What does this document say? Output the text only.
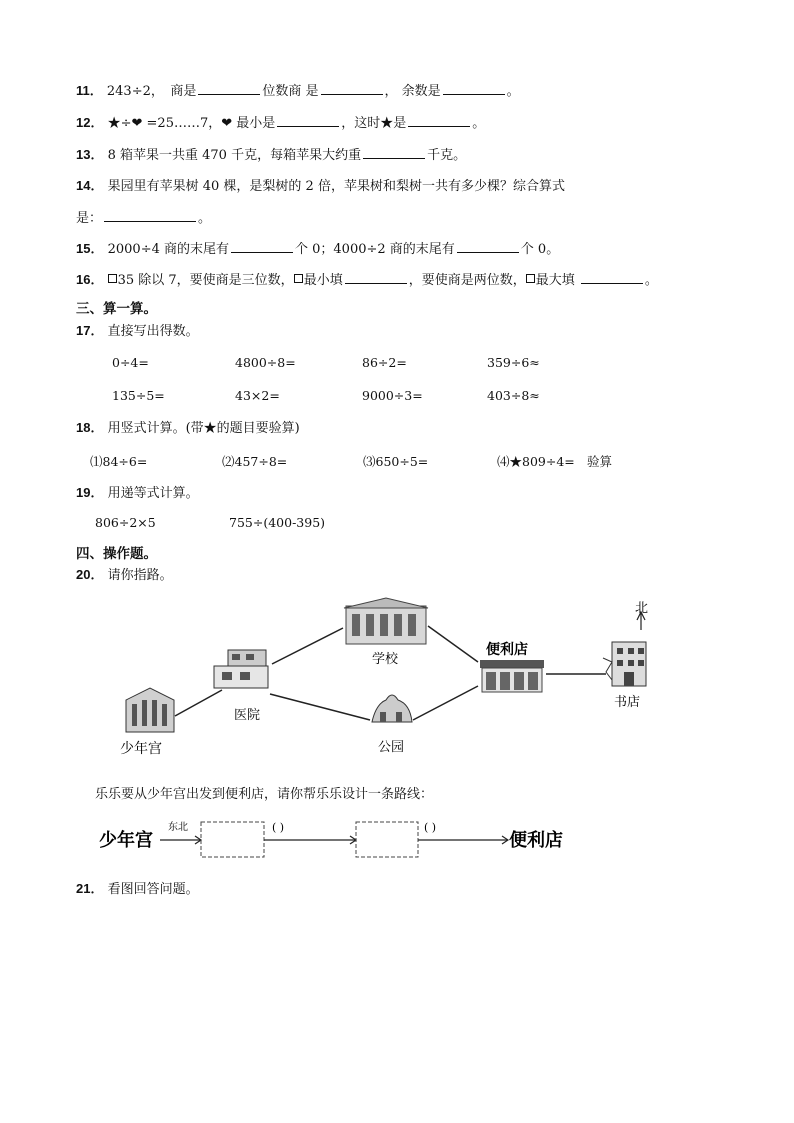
11． 243÷2，　商是	位数商 是	， 余数是	。
12． ★÷❤ =25……7，❤ 最小是	，这时★是	。
13． 8 箱苹果一共重 470 千克，每箱苹果大约重	千克。
14． 果园里有苹果树 40 棵，是梨树的 2 倍，苹果树和梨树一共有多少棵？综合算式
是：	。
15． 2000÷4 商的末尾有	个 0；4000÷2 商的末尾有	个 0。
16． 35 除以 7，要使商是三位数， 最小填	，要使商是两位数， 最大填	。
三、算一算。
17． 直接写出得数。
0÷4=	4800÷8=	86÷2=	359÷6≈
135÷5=	43×2=	9000÷3=	403÷8≈
18． 用竖式计算。(带★的题目要验算)
⑴84÷6=	⑵457÷8=	⑶650÷5=	⑷★809÷4= 验算
19． 用递等式计算。
806÷2×5	755÷(400-395)
四、操作题。
20． 请你指路。
北
学校
便利店
书店
医院
少年宫	公园
少年宫
东北	( )	( )
便利店
乐乐要从少年宫出发到便利店，请你帮乐乐设计一条路线：
21． 看图回答问题。
